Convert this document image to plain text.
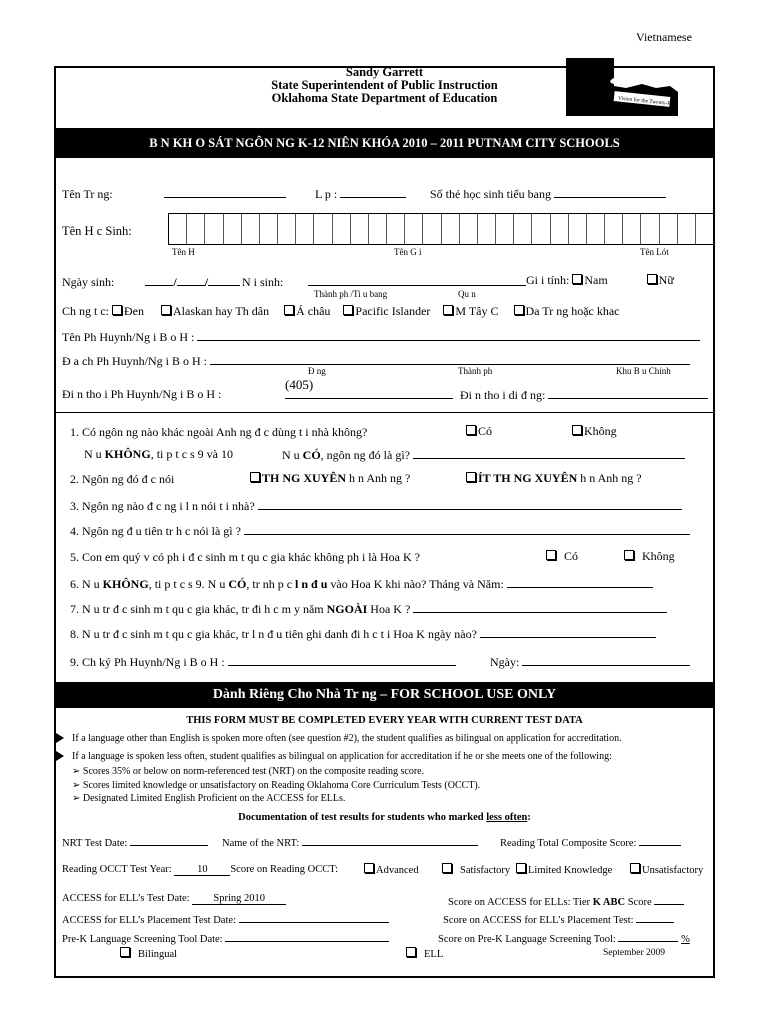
Vietnamese
Sandy Garrett
State Superintendent of Public Instruction
Oklahoma State Department of Education	Vision for the Twenty-First
B N KH O SÁT NGÔN NG K-12 NIÊN KHÓA 2010 – 2011 PUTNAM CITY SCHOOLS
Tên Tr ng:	L p :	Số thẻ học sinh tiểu bang
Tên H c Sinh:
Tên H	Tên G i	Tên Lót
Ngày sinh:	/ /	N i sinh:
Thành ph /Ti u bang	Qu n
Gi i tính: Nam	Nữ
Ch ng t c: Đen Alaskan hay Th dân Á châu Pacific Islander M Tây C Da Tr ng hoặc khac
Tên Ph Huynh/Ng i B o H :
Đ a ch Ph Huynh/Ng i B o H :
Đ ng	Thành ph	Khu B u Chính
Đi n tho i Ph Huynh/Ng i B o H :
(405)
Đi n tho i di đ ng:
1. Có ngôn ng nào khác ngoài Anh ng đ c dùng t i nhà không?	Có	Không
N u KHÔNG, ti p t c s 9 và 10	N u CÓ, ngôn ng đó là gì?
2. Ngôn ng đó đ c nói	TH NG XUYÊN h n Anh ng ?	ÍT TH NG XUYÊN h n Anh ng ?
3. Ngôn ng nào đ c ng i l n nói t i nhà?
4. Ngôn ng đ u tiên tr h c nói là gì ?
5. Con em quý v có ph i đ c sinh m t qu c gia khác không ph i là Hoa K ?	Có	Không
6. N u KHÔNG, ti p t c s 9. N u CÓ, tr nh p c l n đ u vào Hoa K khi nào? Tháng và Năm:
7. N u tr đ c sinh m t qu c gia khác, tr đi h c m y năm NGOÀI Hoa K ?
8. N u tr đ c sinh m t qu c gia khác, tr l n đ u tiên ghi danh đi h c t i Hoa K ngày nào?
9. Ch ký Ph Huynh/Ng i B o H :	Ngày:
Dành Riêng Cho Nhà Tr ng – FOR SCHOOL USE ONLY
THIS FORM MUST BE COMPLETED EVERY YEAR WITH CURRENT TEST DATA
If a language other than English is spoken more often (see question #2), the student qualifies as bilingual on application for accreditation.
If a language is spoken less often, student qualifies as bilingual on application for accreditation if he or she meets one of the following:
➢ Scores 35% or below on norm-referenced test (NRT) on the composite reading score.
➢ Scores limited knowledge or unsatisfactory on Reading Oklahoma Core Curriculum Tests (OCCT).
➢ Designated Limited English Proficient on the ACCESS for ELLs.
Documentation of test results for students who marked less often:
NRT Test Date:	Name of the NRT:	Reading Total Composite Score:
Reading OCCT Test Year: 10 Score on Reading OCCT:	Advanced	Satisfactory	Limited Knowledge	Unsatisfactory
ACCESS for ELL’s Test Date: Spring 2010	Score on ACCESS for ELLs: Tier K ABC Score
ACCESS for ELL’s Placement Test Date:	Score on ACCESS for ELL’s Placement Test:
Pre-K Language Screening Tool Date:	Score on Pre-K Language Screening Tool:	%
Bilingual	ELL	September 2009
